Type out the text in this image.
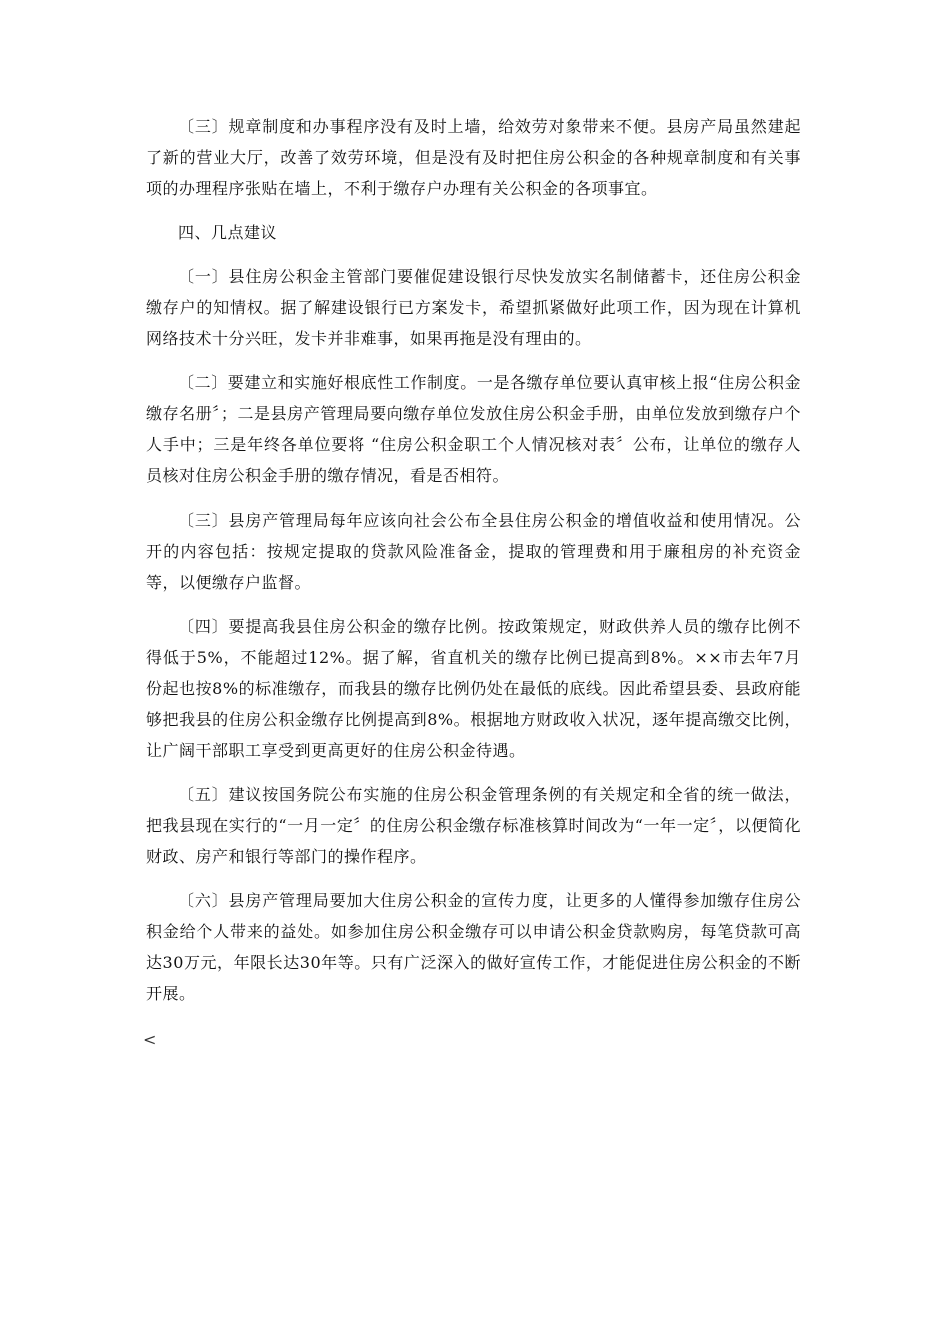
〔三〕规章制度和办事程序没有及时上墙，给效劳对象带来不便。县房产局虽然建起了新的营业大厅，改善了效劳环境，但是没有及时把住房公积金的各种规章制度和有关事项的办理程序张贴在墙上，不利于缴存户办理有关公积金的各项事宜。

四、几点建议

〔一〕县住房公积金主管部门要催促建设银行尽快发放实名制储蓄卡，还住房公积金缴存户的知情权。据了解建设银行已方案发卡，希望抓紧做好此项工作，因为现在计算机网络技术十分兴旺，发卡并非难事，如果再拖是没有理由的。

〔二〕要建立和实施好根底性工作制度。一是各缴存单位要认真审核上报“住房公积金缴存名册〞；二是县房产管理局要向缴存单位发放住房公积金手册，由单位发放到缴存户个人手中；三是年终各单位要将 “住房公积金职工个人情况核对表〞公布，让单位的缴存人员核对住房公积金手册的缴存情况，看是否相符。

〔三〕县房产管理局每年应该向社会公布全县住房公积金的增值收益和使用情况。公开的内容包括：按规定提取的贷款风险准备金，提取的管理费和用于廉租房的补充资金等，以便缴存户监督。

〔四〕要提高我县住房公积金的缴存比例。按政策规定，财政供养人员的缴存比例不得低于5%，不能超过12%。据了解，省直机关的缴存比例已提高到8%。××市去年7月份起也按8%的标准缴存，而我县的缴存比例仍处在最低的底线。因此希望县委、县政府能够把我县的住房公积金缴存比例提高到8%。根据地方财政收入状况，逐年提高缴交比例，让广阔干部职工享受到更高更好的住房公积金待遇。

〔五〕建议按国务院公布实施的住房公积金管理条例的有关规定和全省的统一做法，把我县现在实行的“一月一定〞的住房公积金缴存标准核算时间改为“一年一定〞，以便简化财政、房产和银行等部门的操作程序。

〔六〕县房产管理局要加大住房公积金的宣传力度，让更多的人懂得参加缴存住房公积金给个人带来的益处。如参加住房公积金缴存可以申请公积金贷款购房，每笔贷款可高达30万元，年限长达30年等。只有广泛深入的做好宣传工作，才能促进住房公积金的不断开展。

<
